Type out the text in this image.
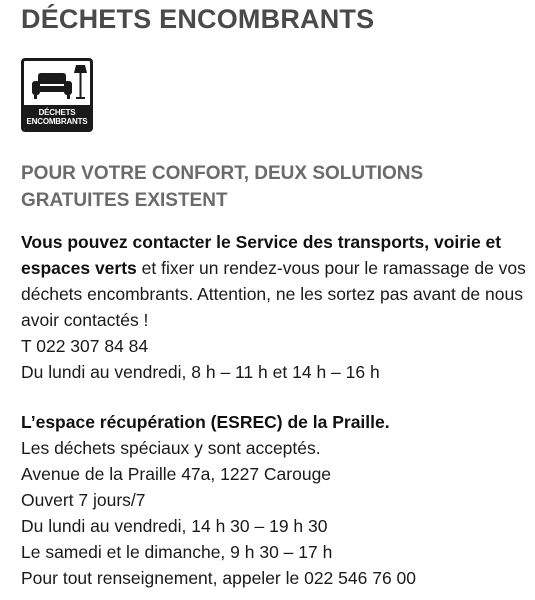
DÉCHETS ENCOMBRANTS
DÉCHETS
ENCOMBRANTS
POUR VOTRE CONFORT, DEUX SOLUTIONS GRATUITES EXISTENT

Vous pouvez contacter le Service des transports, voirie et espaces verts et fixer un rendez-vous pour le ramassage de vos déchets encombrants. Attention, ne les sortez pas avant de nous avoir contactés !
T 022 307 84 84
Du lundi au vendredi, 8 h – 11 h et 14 h – 16 h

L’espace récupération (ESREC) de la Praille.
Les déchets spéciaux y sont acceptés.
Avenue de la Praille 47a, 1227 Carouge
Ouvert 7 jours/7
Du lundi au vendredi, 14 h 30 – 19 h 30
Le samedi et le dimanche, 9 h 30 – 17 h
Pour tout renseignement, appeler le 022 546 76 00
